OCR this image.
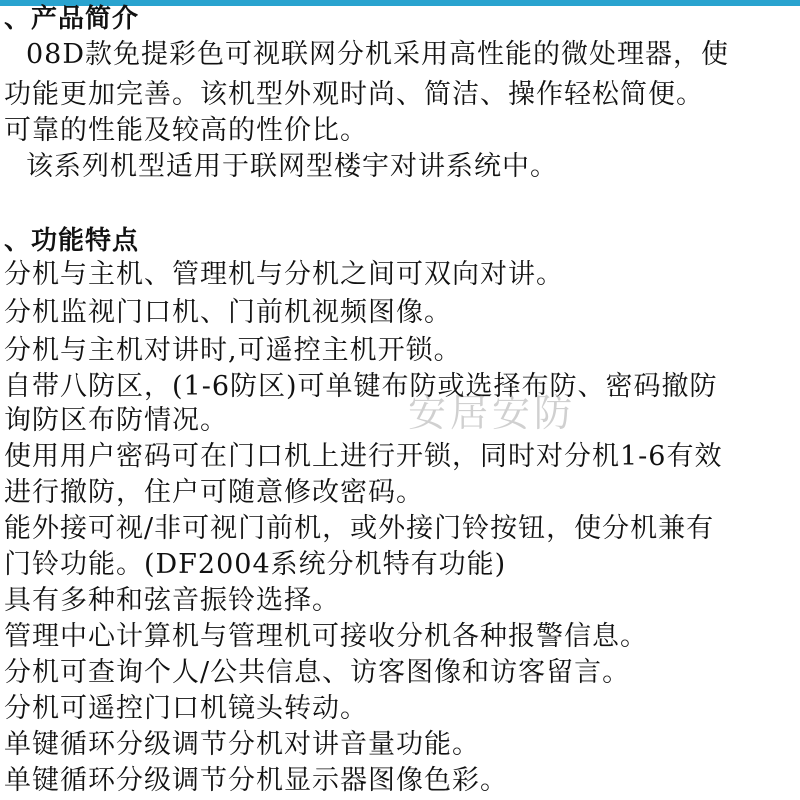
、产品简介
08D款免提彩色可视联网分机采用高性能的微处理器，使
功能更加完善。该机型外观时尚、简洁、操作轻松简便。
可靠的性能及较高的性价比。
该系列机型适用于联网型楼宇对讲系统中。
、功能特点
分机与主机、管理机与分机之间可双向对讲。
分机监视门口机、门前机视频图像。
分机与主机对讲时,可遥控主机开锁。
自带八防区，(1-6防区)可单键布防或选择布防、密码撤防
询防区布防情况。
使用用户密码可在门口机上进行开锁，同时对分机1-6有效
进行撤防，住户可随意修改密码。
能外接可视/非可视门前机，或外接门铃按钮，使分机兼有
门铃功能。(DF2004系统分机特有功能)
具有多种和弦音振铃选择。
管理中心计算机与管理机可接收分机各种报警信息。
分机可查询个人/公共信息、访客图像和访客留言。
分机可遥控门口机镜头转动。
单键循环分级调节分机对讲音量功能。
单键循环分级调节分机显示器图像色彩。
安居安防
